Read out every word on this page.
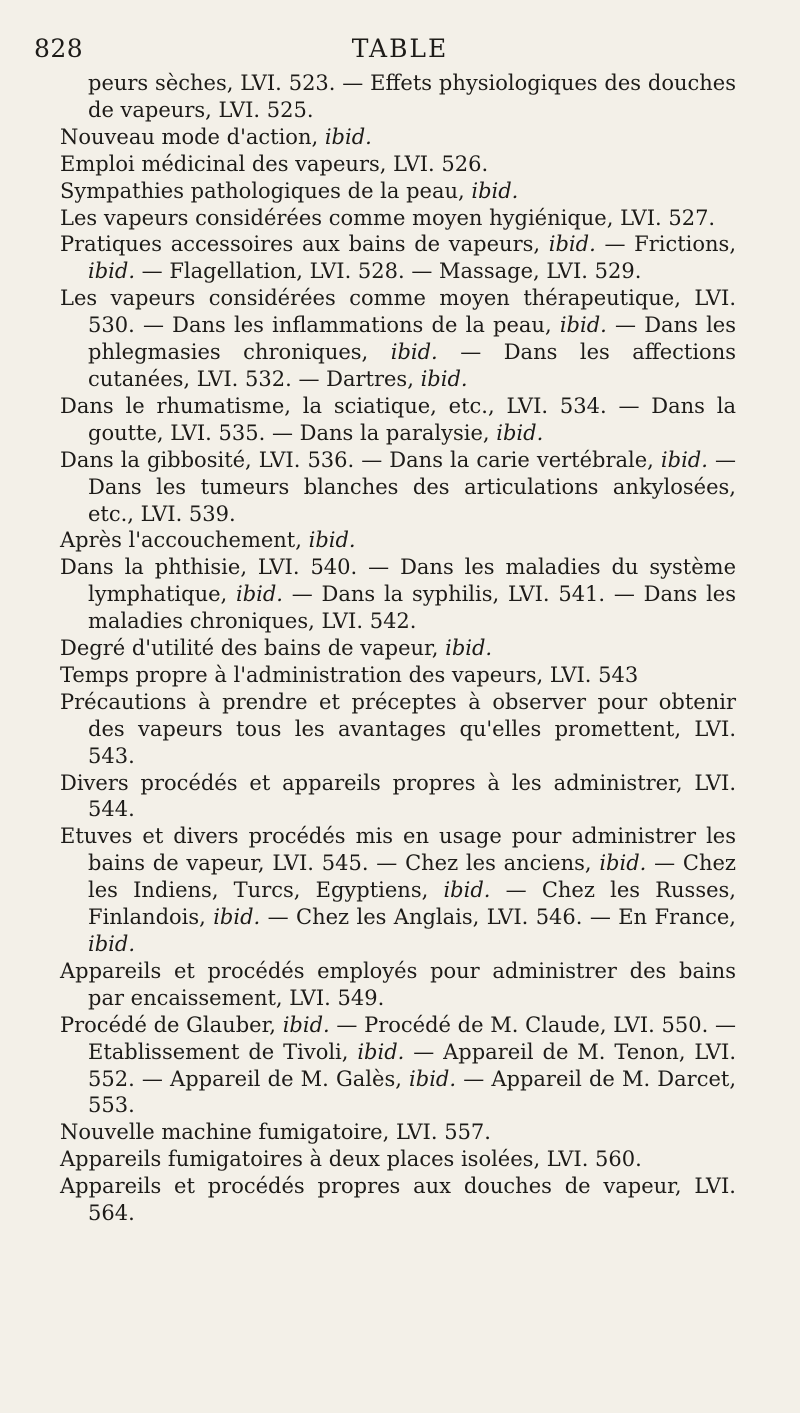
828	TABLE
peurs sèches, LVI. 523. — Effets physiologiques des douches de vapeurs, LVI. 525.
Nouveau mode d'action, ibid.
Emploi médicinal des vapeurs, LVI. 526.
Sympathies pathologiques de la peau, ibid.
Les vapeurs considérées comme moyen hygiénique, LVI. 527.
Pratiques accessoires aux bains de vapeurs, ibid. — Frictions, ibid. — Flagellation, LVI. 528. — Massage, LVI. 529.
Les vapeurs considérées comme moyen thérapeutique, LVI. 530. — Dans les inflammations de la peau, ibid. — Dans les phlegmasies chroniques, ibid. — Dans les affections cutanées, LVI. 532. — Dartres, ibid.
Dans le rhumatisme, la sciatique, etc., LVI. 534. — Dans la goutte, LVI. 535. — Dans la paralysie, ibid.
Dans la gibbosité, LVI. 536. — Dans la carie vertébrale, ibid. — Dans les tumeurs blanches des articulations ankylosées, etc., LVI. 539.
Après l'accouchement, ibid.
Dans la phthisie, LVI. 540. — Dans les maladies du système lymphatique, ibid. — Dans la syphilis, LVI. 541. — Dans les maladies chroniques, LVI. 542.
Degré d'utilité des bains de vapeur, ibid.
Temps propre à l'administration des vapeurs, LVI. 543
Précautions à prendre et préceptes à observer pour obtenir des vapeurs tous les avantages qu'elles promettent, LVI. 543.
Divers procédés et appareils propres à les administrer, LVI. 544.
Etuves et divers procédés mis en usage pour administrer les bains de vapeur, LVI. 545. — Chez les anciens, ibid. — Chez les Indiens, Turcs, Egyptiens, ibid. — Chez les Russes, Finlandois, ibid. — Chez les Anglais, LVI. 546. — En France, ibid.
Appareils et procédés employés pour administrer des bains par encaissement, LVI. 549.
Procédé de Glauber, ibid. — Procédé de M. Claude, LVI. 550. — Etablissement de Tivoli, ibid. — Appareil de M. Tenon, LVI. 552. — Appareil de M. Galès, ibid. — Appareil de M. Darcet, 553.
Nouvelle machine fumigatoire, LVI. 557.
Appareils fumigatoires à deux places isolées, LVI. 560.
Appareils et procédés propres aux douches de vapeur, LVI. 564.
